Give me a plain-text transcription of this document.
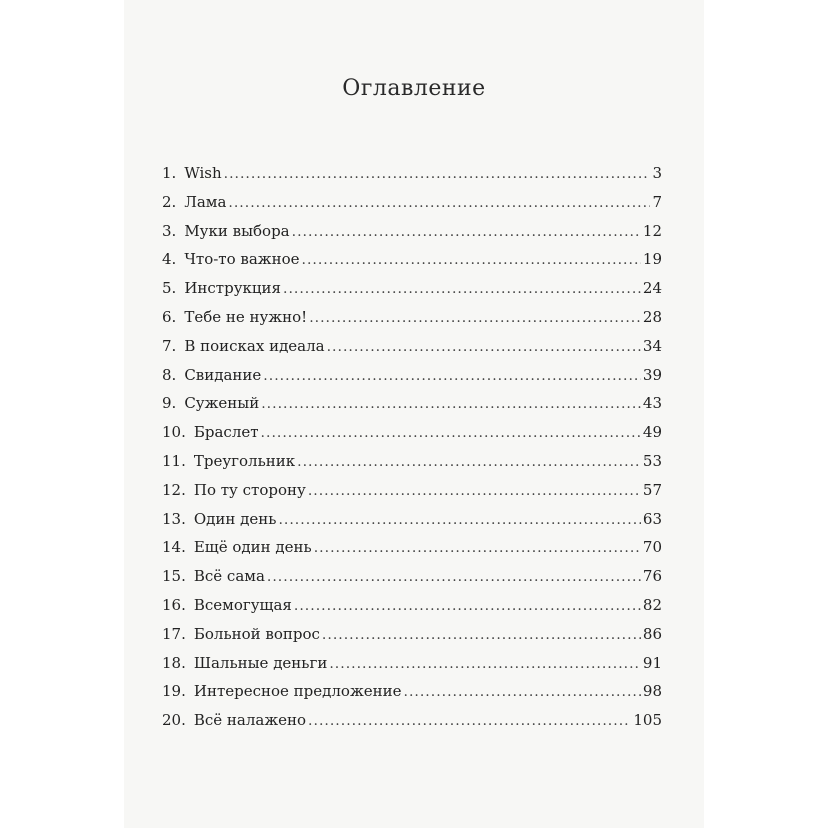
Оглавление
1. Wish .....	3
2. Лама .....	7
3. Муки выбора .....	12
4. Что-то важное .....	19
5. Инструкция .....	24
6. Тебе не нужно! .....	28
7. В поисках идеала .....	34
8. Свидание .....	39
9. Суженый .....	43
10. Браслет .....	49
11. Треугольник .....	53
12. По ту сторону .....	57
13. Один день .....	63
14. Ещё один день .....	70
15. Всё сама .....	76
16. Всемогущая .....	82
17. Больной вопрос .....	86
18. Шальные деньги .....	91
19. Интересное предложение .....	98
20. Всё налажено .....	105
